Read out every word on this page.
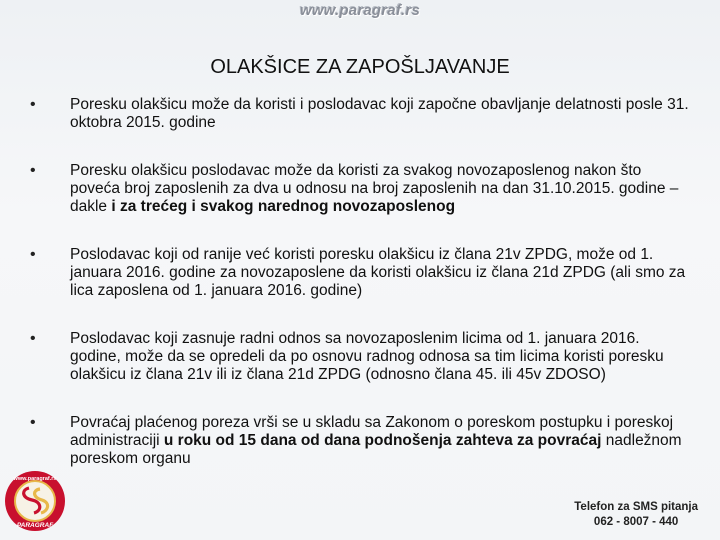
www.paragraf.rs
OLAKŠICE ZA ZAPOŠLJAVANJE
• Poresku olakšicu može da koristi i poslodavac koji započne obavljanje delatnosti posle 31. oktobra 2015. godine
• Poresku olakšicu poslodavac može da koristi za svakog novozaposlenog nakon što poveća broj zaposlenih za dva u odnosu na broj zaposlenih na dan 31.10.2015. godine – dakle i za trećeg i svakog narednog novozaposlenog
• Poslodavac koji od ranije već koristi poresku olakšicu iz člana 21v ZPDG, može od 1. januara 2016. godine za novozaposlene da koristi olakšicu iz člana 21d ZPDG (ali smo za lica zaposlena od 1. januara 2016. godine)
• Poslodavac koji zasnuje radni odnos sa novozaposlenim licima od 1. januara 2016. godine, može da se opredeli da po osnovu radnog odnosa sa tim licima koristi poresku olakšicu iz člana 21v ili iz člana 21d ZPDG (odnosno člana 45. ili 45v ZDOSO)
• Povraćaj plaćenog poreza vrši se u skladu sa Zakonom o poreskom postupku i poreskoj administraciji u roku od 15 dana od dana podnošenja zahteva za povraćaj nadležnom poreskom organu
www.paragraf.rs
PARAGRAF
Telefon za SMS pitanja
062 - 8007 - 440
